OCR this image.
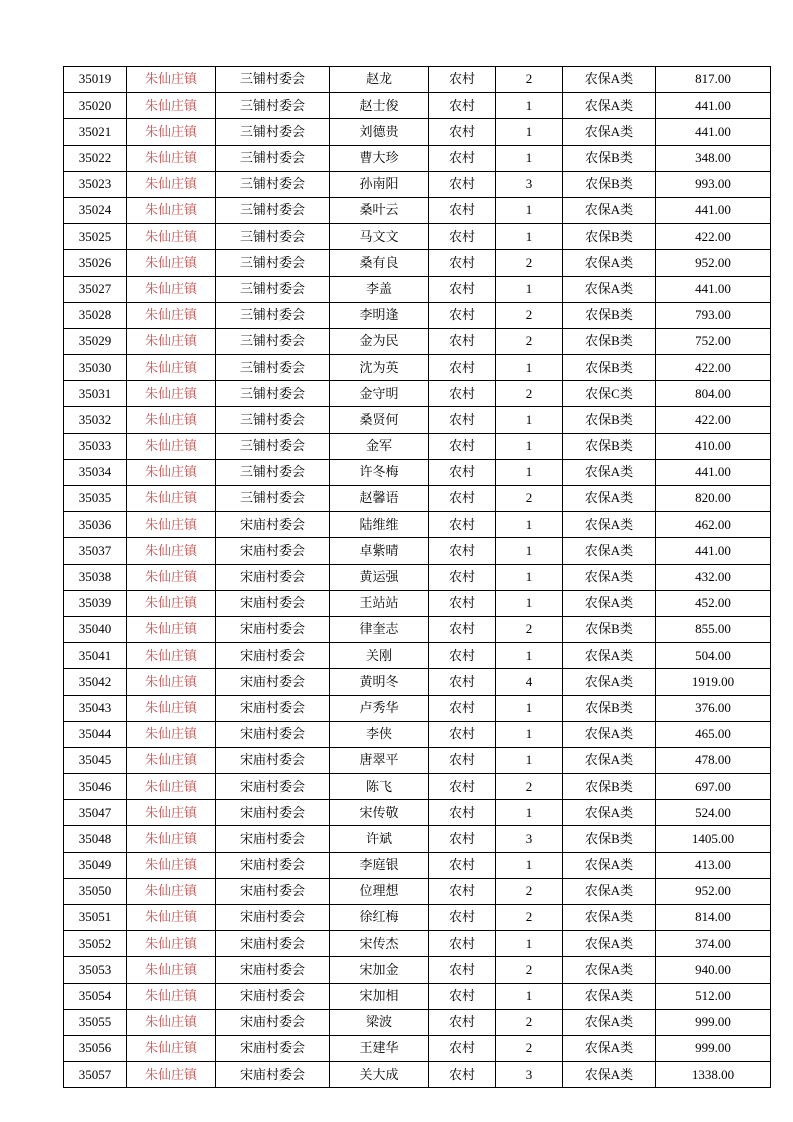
35019	朱仙庄镇	三铺村委会	赵龙	农村	2	农保A类	817.00
35020	朱仙庄镇	三铺村委会	赵士俊	农村	1	农保A类	441.00
35021	朱仙庄镇	三铺村委会	刘德贵	农村	1	农保A类	441.00
35022	朱仙庄镇	三铺村委会	曹大珍	农村	1	农保B类	348.00
35023	朱仙庄镇	三铺村委会	孙南阳	农村	3	农保B类	993.00
35024	朱仙庄镇	三铺村委会	桑叶云	农村	1	农保A类	441.00
35025	朱仙庄镇	三铺村委会	马文文	农村	1	农保B类	422.00
35026	朱仙庄镇	三铺村委会	桑有良	农村	2	农保A类	952.00
35027	朱仙庄镇	三铺村委会	李盖	农村	1	农保A类	441.00
35028	朱仙庄镇	三铺村委会	李明逢	农村	2	农保B类	793.00
35029	朱仙庄镇	三铺村委会	金为民	农村	2	农保B类	752.00
35030	朱仙庄镇	三铺村委会	沈为英	农村	1	农保B类	422.00
35031	朱仙庄镇	三铺村委会	金守明	农村	2	农保C类	804.00
35032	朱仙庄镇	三铺村委会	桑贤何	农村	1	农保B类	422.00
35033	朱仙庄镇	三铺村委会	金军	农村	1	农保B类	410.00
35034	朱仙庄镇	三铺村委会	许冬梅	农村	1	农保A类	441.00
35035	朱仙庄镇	三铺村委会	赵馨语	农村	2	农保A类	820.00
35036	朱仙庄镇	宋庙村委会	陆维维	农村	1	农保A类	462.00
35037	朱仙庄镇	宋庙村委会	卓紫晴	农村	1	农保A类	441.00
35038	朱仙庄镇	宋庙村委会	黄运强	农村	1	农保A类	432.00
35039	朱仙庄镇	宋庙村委会	王站站	农村	1	农保A类	452.00
35040	朱仙庄镇	宋庙村委会	律奎志	农村	2	农保B类	855.00
35041	朱仙庄镇	宋庙村委会	关刚	农村	1	农保A类	504.00
35042	朱仙庄镇	宋庙村委会	黄明冬	农村	4	农保A类	1919.00
35043	朱仙庄镇	宋庙村委会	卢秀华	农村	1	农保B类	376.00
35044	朱仙庄镇	宋庙村委会	李侠	农村	1	农保A类	465.00
35045	朱仙庄镇	宋庙村委会	唐翠平	农村	1	农保A类	478.00
35046	朱仙庄镇	宋庙村委会	陈飞	农村	2	农保B类	697.00
35047	朱仙庄镇	宋庙村委会	宋传敬	农村	1	农保A类	524.00
35048	朱仙庄镇	宋庙村委会	许斌	农村	3	农保B类	1405.00
35049	朱仙庄镇	宋庙村委会	李庭银	农村	1	农保A类	413.00
35050	朱仙庄镇	宋庙村委会	位理想	农村	2	农保A类	952.00
35051	朱仙庄镇	宋庙村委会	徐红梅	农村	2	农保A类	814.00
35052	朱仙庄镇	宋庙村委会	宋传杰	农村	1	农保A类	374.00
35053	朱仙庄镇	宋庙村委会	宋加金	农村	2	农保A类	940.00
35054	朱仙庄镇	宋庙村委会	宋加相	农村	1	农保A类	512.00
35055	朱仙庄镇	宋庙村委会	梁波	农村	2	农保A类	999.00
35056	朱仙庄镇	宋庙村委会	王建华	农村	2	农保A类	999.00
35057	朱仙庄镇	宋庙村委会	关大成	农村	3	农保A类	1338.00
